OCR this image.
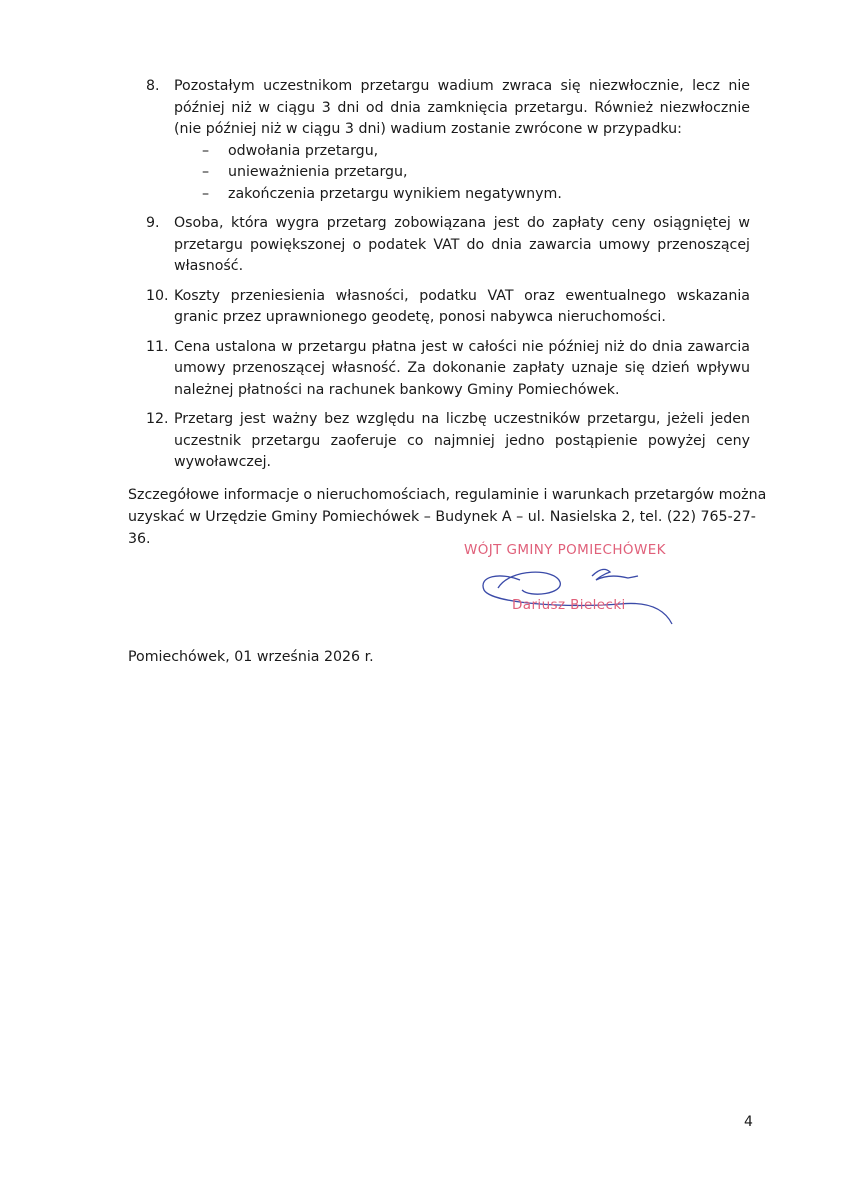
8. Pozostałym uczestnikom przetargu wadium zwraca się niezwłocznie, lecz nie później niż w ciągu 3 dni od dnia zamknięcia przetargu. Również niezwłocznie (nie później niż w ciągu 3 dni) wadium zostanie zwrócone w przypadku:
– odwołania przetargu,
– unieważnienia przetargu,
– zakończenia przetargu wynikiem negatywnym.
9. Osoba, która wygra przetarg zobowiązana jest do zapłaty ceny osiągniętej w przetargu powiększonej o podatek VAT do dnia zawarcia umowy przenoszącej własność.
10. Koszty przeniesienia własności, podatku VAT oraz ewentualnego wskazania granic przez uprawnionego geodetę, ponosi nabywca nieruchomości.
11. Cena ustalona w przetargu płatna jest w całości nie później niż do dnia zawarcia umowy przenoszącej własność. Za dokonanie zapłaty uznaje się dzień wpływu należnej płatności na rachunek bankowy Gminy Pomiechówek.
12. Przetarg jest ważny bez względu na liczbę uczestników przetargu, jeżeli jeden uczestnik przetargu zaoferuje co najmniej jedno postąpienie powyżej ceny wywoławczej.

Szczegółowe informacje o nieruchomościach, regulaminie i warunkach przetargów można uzyskać w Urzędzie Gminy Pomiechówek – Budynek A – ul. Nasielska 2, tel. (22) 765-27-36.

WÓJT GMINY POMIECHÓWEK
Dariusz Bielecki

Pomiechówek, 01 września 2026 r.

4
